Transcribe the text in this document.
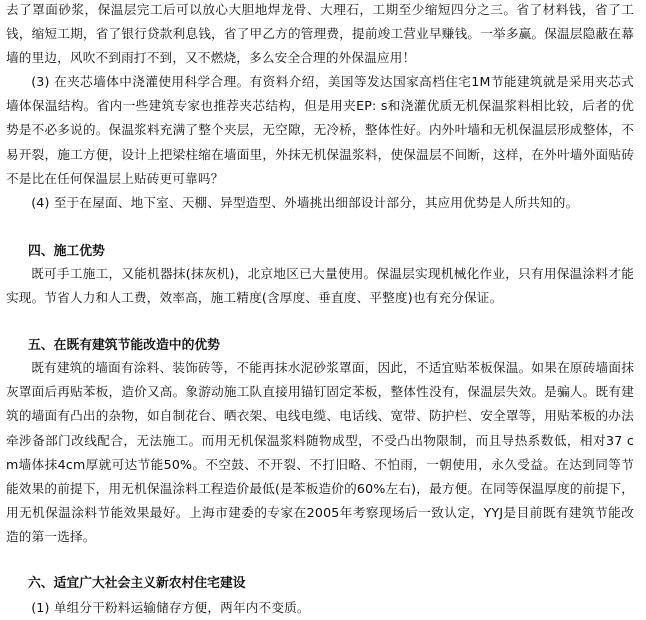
去了罩面砂浆，保温层完工后可以放心大胆地焊龙骨、大理石，工期至少缩短四分之三。省了材料钱，省了工钱，缩短工期，省了银行贷款利息钱，省了甲乙方的管理费，提前竣工营业早赚钱。一举多赢。保温层隐蔽在幕墙的里边，风吹不到雨打不到，又不燃烧，多么安全合理的外保温应用！

(3) 在夹芯墙体中浇灌使用科学合理。有资料介绍，美国等发达国家高档住宅1M节能建筑就是采用夹芯式墙体保温结构。省内一些建筑专家也推荐夹芯结构，但是用夹EP: s和浇灌优质无机保温浆料相比较，后者的优势是不必多说的。保温浆料充满了整个夹层，无空隙，无冷桥，整体性好。内外叶墙和无机保温层形成整体，不易开裂，施工方便，设计上把梁柱缩在墙面里，外抹无机保温浆料，使保温层不间断，这样，在外叶墙外面贴砖不是比在任何保温层上贴砖更可靠吗？

(4) 至于在屋面、地下室、天棚、异型造型、外墙挑出细部设计部分，其应用优势是人所共知的。

四、施工优势

既可手工施工，又能机器抹(抹灰机)，北京地区已大量使用。保温层实现机械化作业，只有用保温涂料才能实现。节省人力和人工费，效率高，施工精度(含厚度、垂直度、平整度)也有充分保证。

五、在既有建筑节能改造中的优势

既有建筑的墙面有涂料、装饰砖等，不能再抹水泥砂浆罩面，因此，不适宜贴苯板保温。如果在原砖墙面抹灰罩面后再贴苯板，造价又高。象游动施工队直接用锚钉固定苯板，整体性没有，保温层失效。是骗人。既有建筑的墙面有凸出的杂物，如自制花台、晒衣架、电线电缆、电话线、宽带、防护栏、安全罩等，用贴苯板的办法牵涉备部门改线配合，无法施工。而用无机保温浆料随物成型，不受凸出物限制，而且导热系数低，相对37 cm墙体抹4cm厚就可达节能50%。不空鼓、不开裂、不打旧略、不怕雨，一朝使用，永久受益。在达到同等节能效果的前提下，用无机保温涂料工程造价最低(是苯板造价的60%左右)，最方便。在同等保温厚度的前提下，用无机保温涂料节能效果最好。上海市建委的专家在2005年考察现场后一致认定，YYJ是目前既有建筑节能改造的第一选择。

六、适宜广大社会主义新农村住宅建设

(1) 单组分干粉料运输储存方便，两年内不变质。
